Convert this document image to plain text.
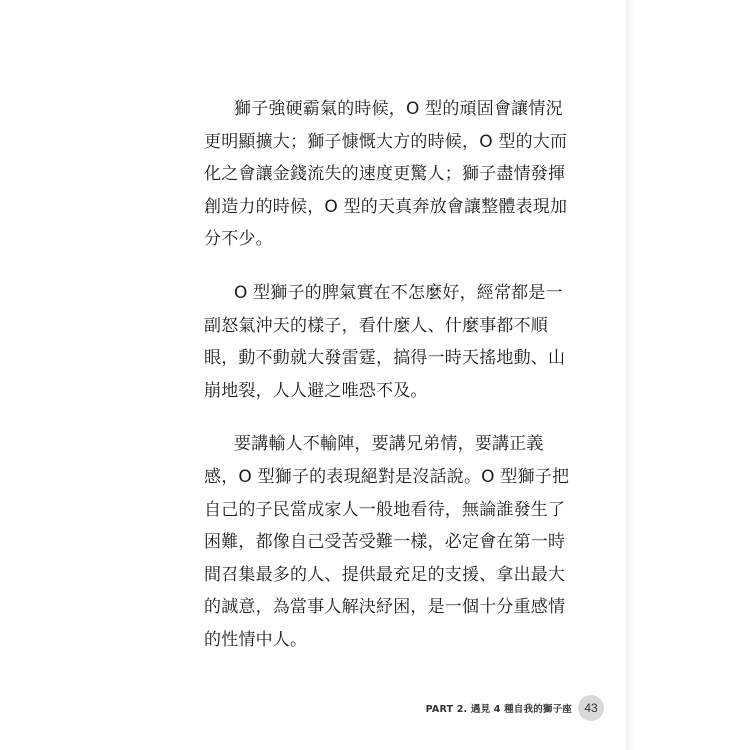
獅子強硬霸氣的時候，O 型的頑固會讓情況
更明顯擴大；獅子慷慨大方的時候，O 型的大而
化之會讓金錢流失的速度更驚人；獅子盡情發揮
創造力的時候，O 型的天真奔放會讓整體表現加
分不少。

O 型獅子的脾氣實在不怎麼好，經常都是一
副怒氣沖天的樣子，看什麼人、什麼事都不順
眼，動不動就大發雷霆，搞得一時天搖地動、山
崩地裂，人人避之唯恐不及。

要講輸人不輸陣，要講兄弟情，要講正義
感，O 型獅子的表現絕對是沒話說。O 型獅子把
自己的子民當成家人一般地看待，無論誰發生了
困難，都像自己受苦受難一樣，必定會在第一時
間召集最多的人、提供最充足的支援、拿出最大
的誠意，為當事人解決紓困，是一個十分重感情
的性情中人。

PART 2. 遇見 4 種自我的獅子座	43
